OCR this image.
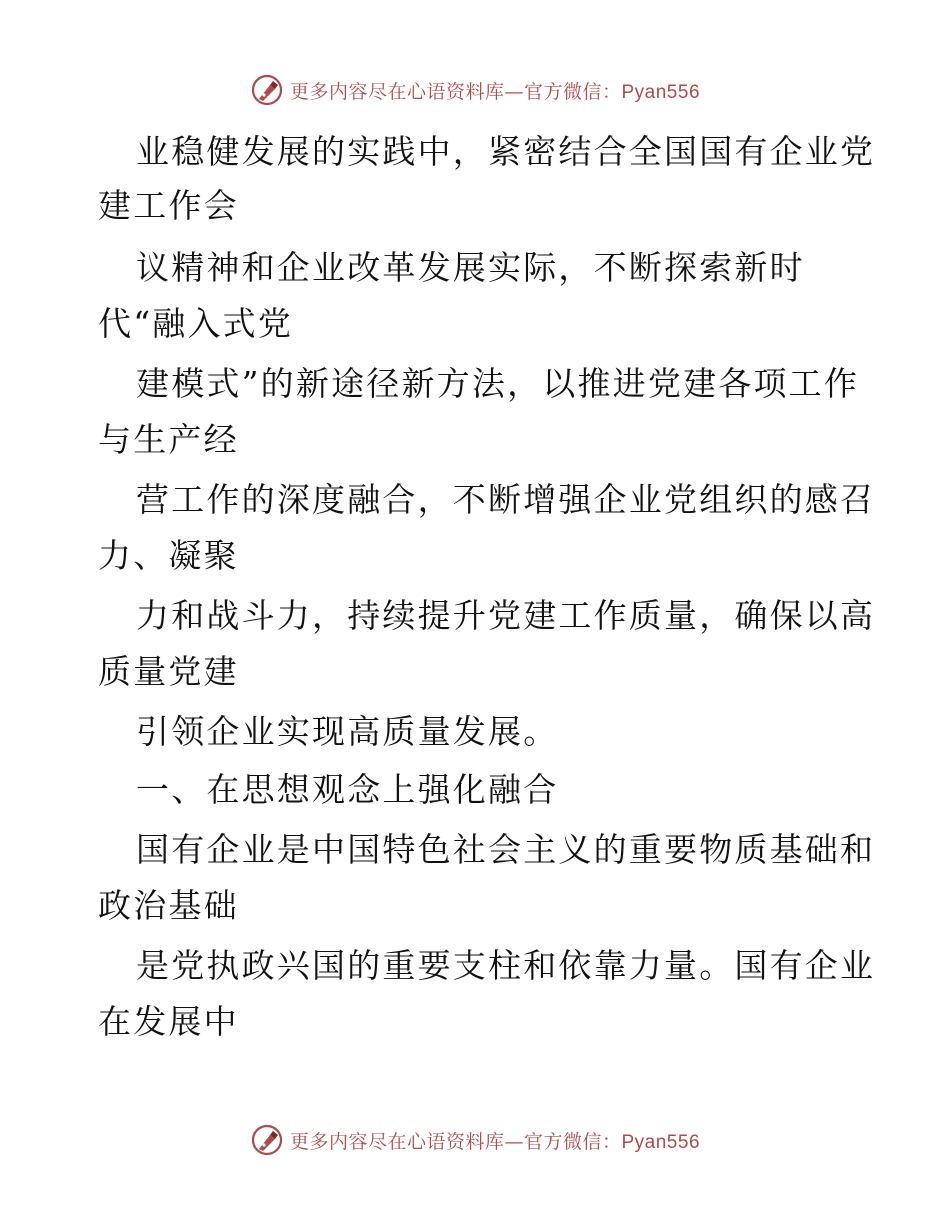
更多内容尽在心语资料库—官方微信：Pyan556
业稳健发展的实践中，紧密结合全国国有企业党
建工作会
议精神和企业改革发展实际，不断探索新时
代“融入式党
建模式”的新途径新方法，以推进党建各项工作
与生产经
营工作的深度融合，不断增强企业党组织的感召
力、凝聚
力和战斗力，持续提升党建工作质量，确保以高
质量党建
引领企业实现高质量发展。
一、在思想观念上强化融合
国有企业是中国特色社会主义的重要物质基础和
政治基础
是党执政兴国的重要支柱和依靠力量。国有企业
在发展中
更多内容尽在心语资料库—官方微信：Pyan556
